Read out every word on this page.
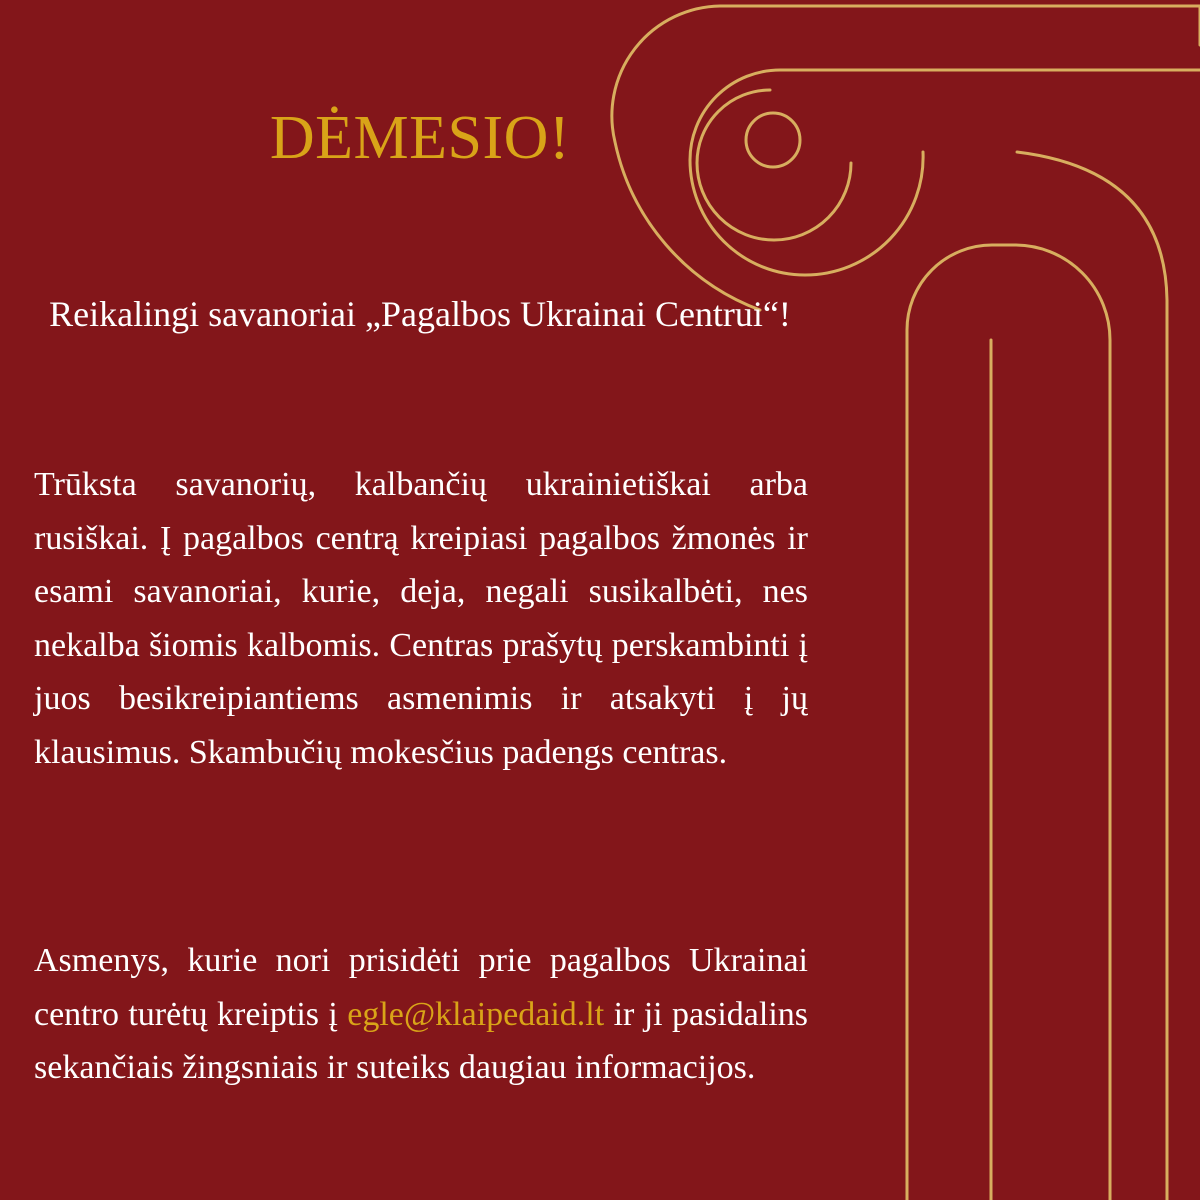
DĖMESIO!
Reikalingi savanoriai „Pagalbos Ukrainai Centrui“!
Trūksta savanorių, kalbančių ukrainietiškai arba rusiškai. Į pagalbos centrą kreipiasi pagalbos žmonės ir esami savanoriai, kurie, deja, negali susikalbėti, nes nekalba šiomis kalbomis. Centras prašytų perskambinti į juos besikreipiantiems asmenimis ir atsakyti į jų klausimus. Skambučių mokesčius padengs centras.
Asmenys, kurie nori prisidėti prie pagalbos Ukrainai centro turėtų kreiptis į egle@klaipedaid.lt ir ji pasidalins sekančiais žingsniais ir suteiks daugiau informacijos.
